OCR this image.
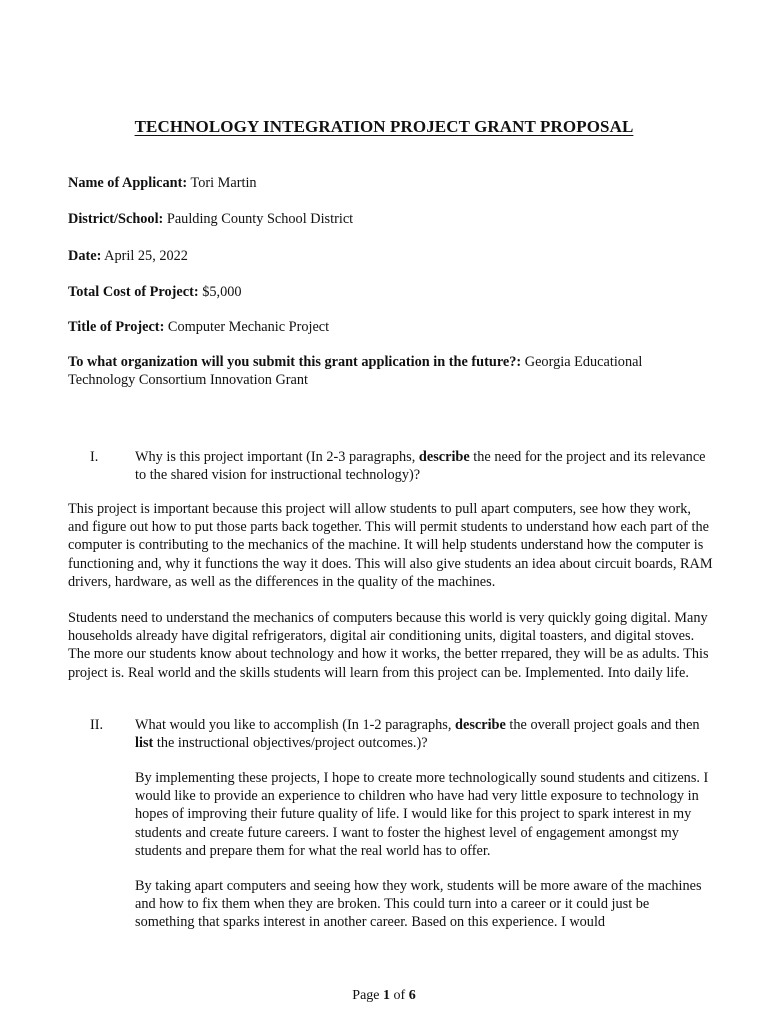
TECHNOLOGY INTEGRATION PROJECT GRANT PROPOSAL
Name of Applicant: Tori Martin
District/School: Paulding County School District
Date: April 25, 2022
Total Cost of Project: $5,000
Title of Project: Computer Mechanic Project
To what organization will you submit this grant application in the future?: Georgia Educational Technology Consortium Innovation Grant
I.	Why is this project important (In 2-3 paragraphs, describe the need for the project and its relevance to the shared vision for instructional technology)?
This project is important because this project will allow students to pull apart computers, see how they work, and figure out how to put those parts back together. This will permit students to understand how each part of the computer is contributing to the mechanics of the machine. It will help students understand how the computer is functioning and, why it functions the way it does. This will also give students an idea about circuit boards, RAM drivers, hardware, as well as the differences in the quality of the machines.
Students need to understand the mechanics of computers because this world is very quickly going digital. Many households already have digital refrigerators, digital air conditioning units, digital toasters, and digital stoves. The more our students know about technology and how it works, the better rrepared, they will be as adults. This project is. Real world and the skills students will learn from this project can be. Implemented. Into daily life.
II. What would you like to accomplish (In 1-2 paragraphs, describe the overall project goals and then list the instructional objectives/project outcomes.)?
By implementing these projects, I hope to create more technologically sound students and citizens. I would like to provide an experience to children who have had very little exposure to technology in hopes of improving their future quality of life. I would like for this project to spark interest in my students and create future careers. I want to foster the highest level of engagement amongst my students and prepare them for what the real world has to offer.
By taking apart computers and seeing how they work, students will be more aware of the machines and how to fix them when they are broken. This could turn into a career or it could just be something that sparks interest in another career. Based on this experience. I would
Page 1 of 6
